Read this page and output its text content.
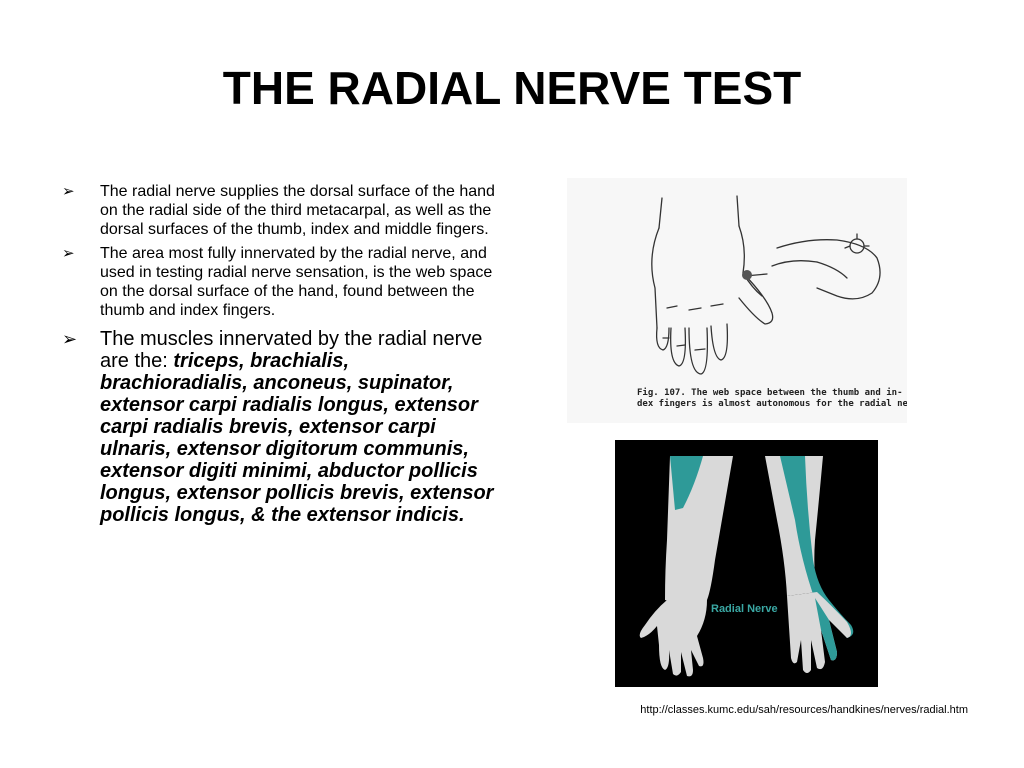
THE RADIAL NERVE TEST
➢ The radial nerve supplies the dorsal surface of the hand on the radial side of the third metacarpal, as well as the dorsal surfaces of the thumb, index and middle fingers.
➢ The area most fully innervated by the radial nerve, and used in testing radial nerve sensation, is the web space on the dorsal surface of the hand, found between the thumb and index fingers.
➢ The muscles innervated by the radial nerve are the: triceps, brachialis, brachioradialis, anconeus, supinator, extensor carpi radialis longus, extensor carpi radialis brevis, extensor carpi ulnaris, extensor digitorum communis, extensor digiti minimi, abductor pollicis longus, extensor pollicis brevis, extensor pollicis longus, & the extensor indicis.
Fig. 107. The web space between the thumb and in-
dex fingers is almost autonomous for the radial nerve.
Radial Nerve
http://classes.kumc.edu/sah/resources/handkines/nerves/radial.htm
